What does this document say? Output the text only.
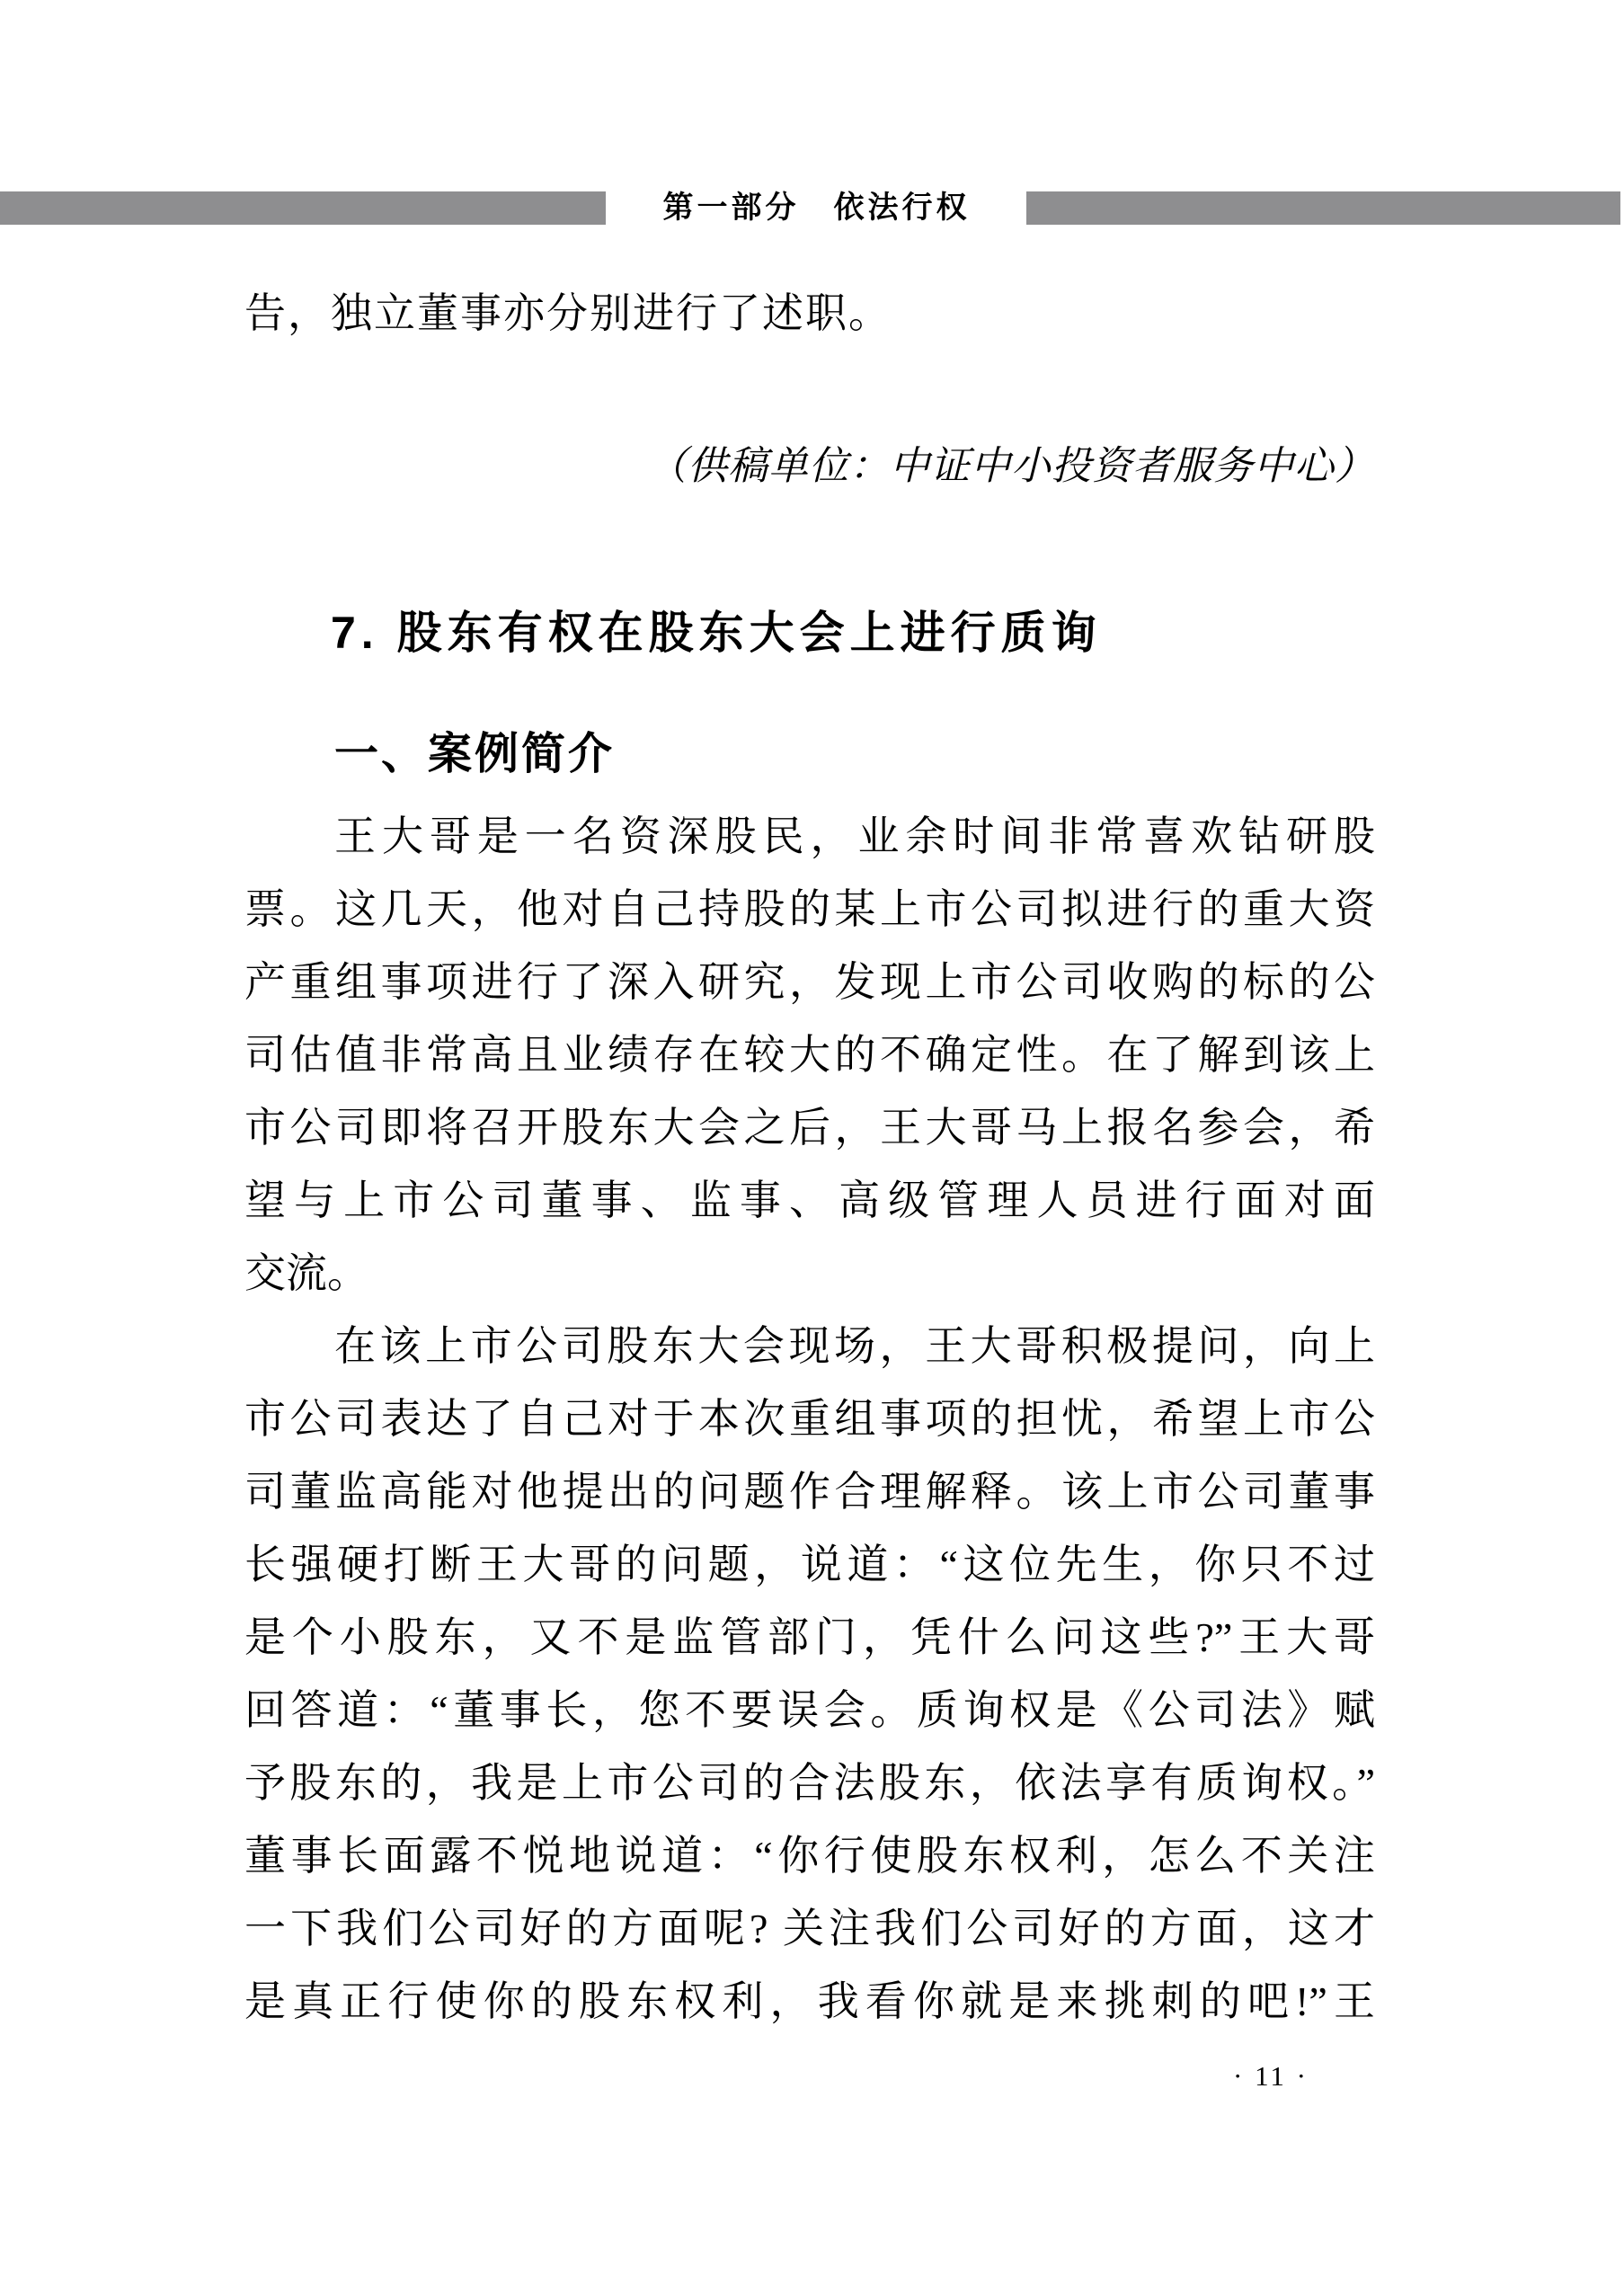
第一部分　依法行权
告，独立董事亦分别进行了述职。
（供稿单位：中证中小投资者服务中心）
7. 股东有权在股东大会上进行质询
一、案例简介
王大哥是一名资深股民，业余时间非常喜欢钻研股
票。这几天，他对自己持股的某上市公司拟进行的重大资
产重组事项进行了深入研究，发现上市公司收购的标的公
司估值非常高且业绩存在较大的不确定性。在了解到该上
市公司即将召开股东大会之后，王大哥马上报名参会，希
望与上市公司董事、监事、高级管理人员进行面对面
交流。
在该上市公司股东大会现场，王大哥积极提问，向上
市公司表达了自己对于本次重组事项的担忧，希望上市公
司董监高能对他提出的问题作合理解释。该上市公司董事
长强硬打断王大哥的问题，说道：“这位先生，你只不过
是个小股东，又不是监管部门，凭什么问这些?”王大哥
回答道：“董事长，您不要误会。质询权是《公司法》赋
予股东的，我是上市公司的合法股东，依法享有质询权。”
董事长面露不悦地说道：“你行使股东权利，怎么不关注
一下我们公司好的方面呢? 关注我们公司好的方面，这才
是真正行使你的股东权利，我看你就是来挑刺的吧!”王
· 11 ·
